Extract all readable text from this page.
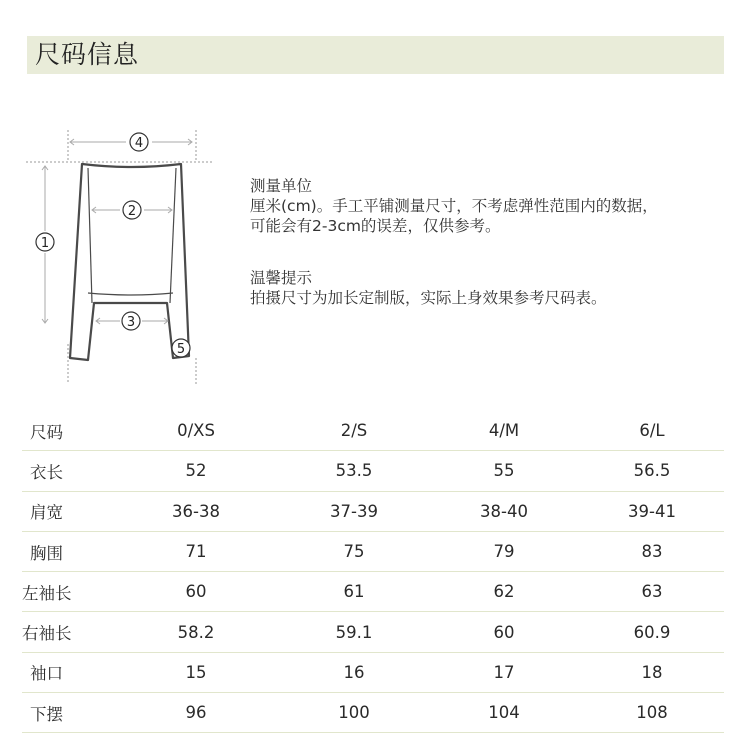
尺码信息
4
2
1
3
5

测量单位

厘米(cm)。手工平铺测量尺寸，不考虑弹性范围内的数据，

可能会有2-3cm的误差，仅供参考。

温馨提示

拍摄尺寸为加长定制版，实际上身效果参考尺码表。

尺码	0/XS	2/S	4/M	6/L
衣长	52	53.5	55	56.5
肩宽	36-38	37-39	38-40	39-41
胸围	71	75	79	83
左袖长	60	61	62	63
右袖长	58.2	59.1	60	60.9
袖口	15	16	17	18
下摆	96	100	104	108
